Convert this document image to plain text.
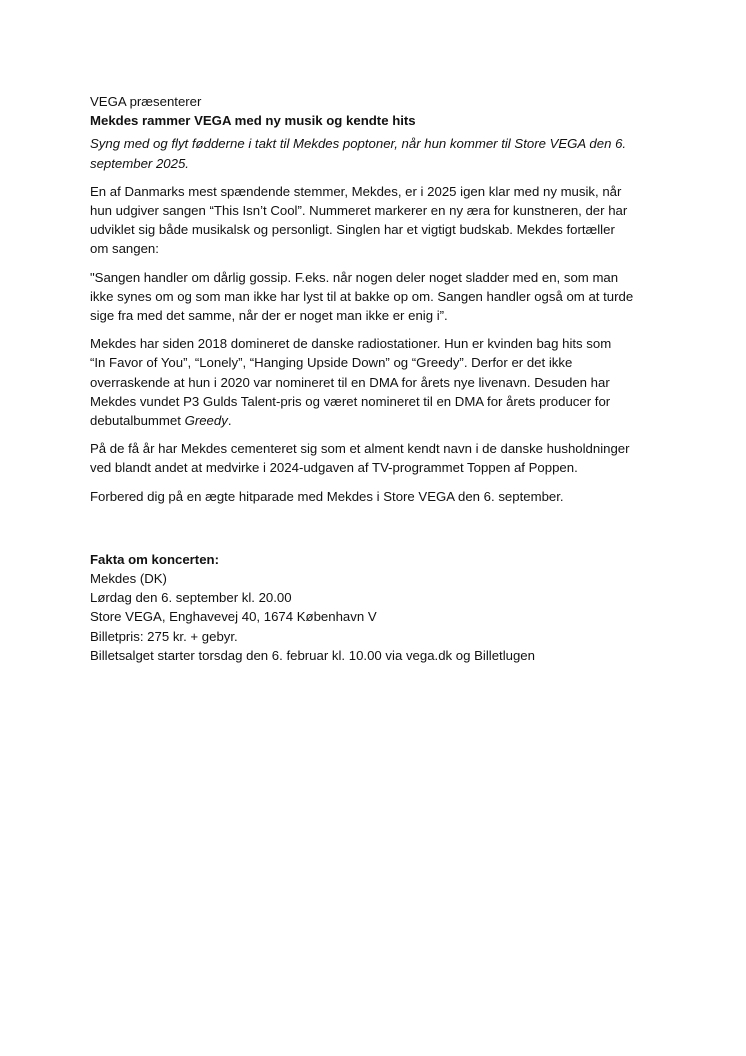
VEGA præsenterer
Mekdes rammer VEGA med ny musik og kendte hits
Syng med og flyt fødderne i takt til Mekdes poptoner, når hun kommer til Store VEGA den 6.
september 2025.
En af Danmarks mest spændende stemmer, Mekdes, er i 2025 igen klar med ny musik, når
hun udgiver sangen “This Isn’t Cool”. Nummeret markerer en ny æra for kunstneren, der har
udviklet sig både musikalsk og personligt. Singlen har et vigtigt budskab. Mekdes fortæller
om sangen:
"Sangen handler om dårlig gossip. F.eks. når nogen deler noget sladder med en, som man
ikke synes om og som man ikke har lyst til at bakke op om. Sangen handler også om at turde
sige fra med det samme, når der er noget man ikke er enig i”.
Mekdes har siden 2018 domineret de danske radiostationer. Hun er kvinden bag hits som
“In Favor of You”, “Lonely”, “Hanging Upside Down” og “Greedy”. Derfor er det ikke
overraskende at hun i 2020 var nomineret til en DMA for årets nye livenavn. Desuden har
Mekdes vundet P3 Gulds Talent-pris og været nomineret til en DMA for årets producer for
debutalbummet Greedy.
På de få år har Mekdes cementeret sig som et alment kendt navn i de danske husholdninger
ved blandt andet at medvirke i 2024-udgaven af TV-programmet Toppen af Poppen.
Forbered dig på en ægte hitparade med Mekdes i Store VEGA den 6. september.
Fakta om koncerten:
Mekdes (DK)
Lørdag den 6. september kl. 20.00
Store VEGA, Enghavevej 40, 1674 København V
Billetpris: 275 kr. + gebyr.
Billetsalget starter torsdag den 6. februar kl. 10.00 via vega.dk og Billetlugen
